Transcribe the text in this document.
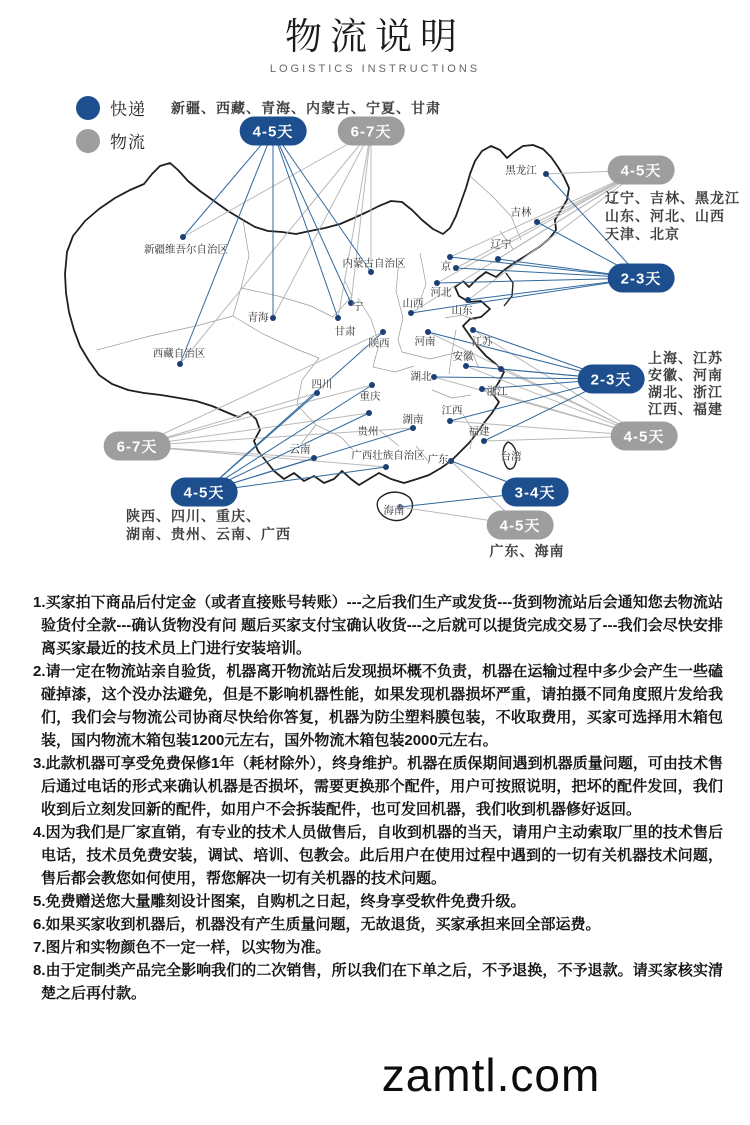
物流说明
LOGISTICS INSTRUCTIONS
新疆维吾尔自治区
西藏自治区
青海
甘肃
宁
内蒙古自治区
黑龙江
吉林
辽宁
京
河北
山西
山东
河南
陕西	江苏
安徽
湖北
浙江
江西
湖南
重庆
四川
贵州
云南	广西壮族自治区 广东
福建
台湾
海南
4-5天	6-7天
4-5天
2-3天
2-3天
4-5天
6-7天
4-5天	3-4天
4-5天
新疆、西藏、青海、内蒙古、宁夏、甘肃
辽宁、吉林、黑龙江
山东、河北、山西
天津、北京
上海、江苏
安徽、河南
湖北、浙江
江西、福建
陕西、四川、重庆、
湖南、贵州、云南、广西
广东、海南
快递
物流

1.买家拍下商品后付定金（或者直接账号转账）---之后我们生产或发货---货到物流站后会通知您去物流站验货付全款---确认货物没有问 题后买家支付宝确认收货---之后就可以提货完成交易了---我们会尽快安排离买家最近的技术员上门进行安装培训。

2.请一定在物流站亲自验货，机器离开物流站后发现损坏概不负责，机器在运输过程中多少会产生一些磕碰掉漆，这个没办法避免，但是不影响机器性能，如果发现机器损坏严重，请拍摄不同角度照片发给我们，我们会与物流公司协商尽快给你答复，机器为防尘塑料膜包装，不收取费用，买家可选择用木箱包装，国内物流木箱包装1200元左右，国外物流木箱包装2000元左右。

3.此款机器可享受免费保修1年（耗材除外），终身维护。机器在质保期间遇到机器质量问题，可由技术售后通过电话的形式来确认机器是否损坏，需要更换那个配件，用户可按照说明，把坏的配件发回，我们收到后立刻发回新的配件，如用户不会拆装配件，也可发回机器，我们收到机器修好返回。

4.因为我们是厂家直销，有专业的技术人员做售后，自收到机器的当天，请用户主动索取厂里的技术售后电话，技术员免费安装，调试、培训、包教会。此后用户在使用过程中遇到的一切有关机器技术问题，售后都会教您如何使用，帮您解决一切有关机器的技术问题。

5.免费赠送您大量雕刻设计图案，自购机之日起，终身享受软件免费升级。

6.如果买家收到机器后，机器没有产生质量问题，无故退货，买家承担来回全部运费。

7.图片和实物颜色不一定一样，以实物为准。

8.由于定制类产品完全影响我们的二次销售，所以我们在下单之后，不予退换，不予退款。请买家核实清楚之后再付款。

zamtl.com
